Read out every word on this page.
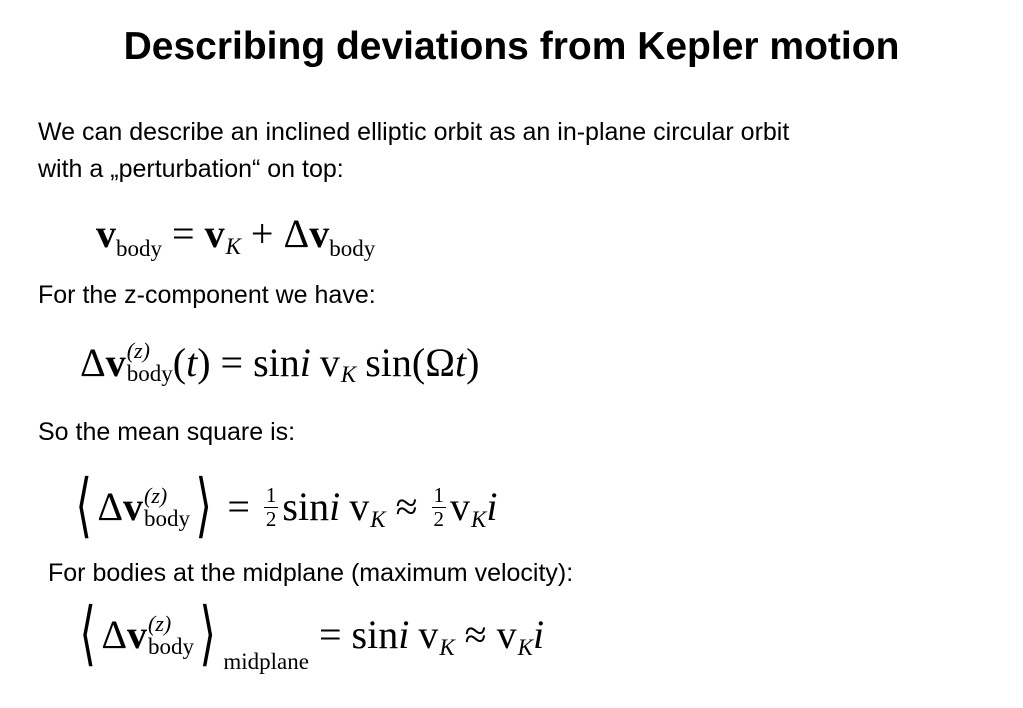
Describing deviations from Kepler motion

We can describe an inclined elliptic orbit as an in-plane circular orbit

with a „perturbation“ on top:

v body = v K + Δ v body

For the z-component we have:

Δ v (z)
body ( t ) = sin i v K sin ( Ω t )

So the mean square is:

⟨ Δ v (z)
body ⟩ = $\frac{1}{2}$ sin i v $K \approx \frac{1}{2}$ v K i

For bodies at the midplane (maximum velocity):

⟨ Δ v (z)
body ⟩ midplane
= sin i v K ≈ v K i
